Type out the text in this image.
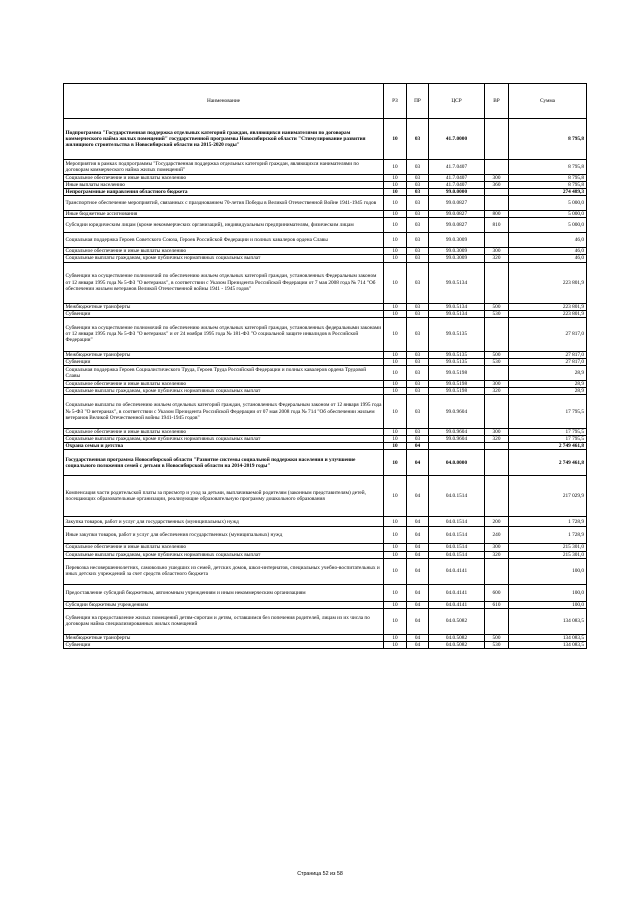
Наименование	РЗ	ПР	ЦСР	ВР	Сумма
Подпрограмма "Государственная поддержка отдельных категорий граждан, являющихся нанимателями по договорам коммерческого найма жилых помещений" государственной программы Новосибирской области "Стимулирование развития жилищного строительства в Новосибирской области на 2015-2020 годы"	10	03	41.7.0000		8 795,8
Мероприятия в рамках подпрограммы "Государственная поддержка отдельных категорий граждан, являющихся нанимателями по договорам коммерческого найма жилых помещений"	10	03	41.7.0407		8 795,8
Социальное обеспечение и иные выплаты населению	10	03	41.7.0407	300	8 795,8
Иные выплаты населению	10	03	41.7.0407	360	8 795,8
Непрограммные направления областного бюджета	10	03	99.0.0000		274 489,3
Транспортное обеспечение мероприятий, связанных с празднованием 70-летия Победы в Великой Отечественной Войне 1941-1945 годов	10	03	99.0.0827		5 000,0
Иные бюджетные ассигнования	10	03	99.0.0827	800	5 000,0
Субсидии юридическим лицам (кроме некоммерческих организаций), индивидуальным предпринимателям, физическим лицам	10	03	99.0.0827	810	5 000,0
Социальная поддержка Героев Советского Союза, Героев Российской Федерации и полных кавалеров ордена Славы	10	03	99.0.3009		46,0
Социальное обеспечение и иные выплаты населению	10	03	99.0.3009	300	46,0
Социальные выплаты гражданам, кроме публичных нормативных социальных выплат	10	03	99.0.3009	320	46,0
Субвенции на осуществление полномочий по обеспечению жильем отдельных категорий граждан, установленных Федеральным законом от 12 января 1995 года № 5-ФЗ "О ветеранах", в соответствии с Указом Президента Российской Федерации от 7 мая 2008 года № 714 "Об обеспечении жильем ветеранов Великой Отечественной войны 1941 - 1945 годов"	10	03	99.0.5134		223 801,9
Межбюджетные трансферты	10	03	99.0.5134	500	223 801,9
Субвенции	10	03	99.0.5134	530	223 801,9
Субвенции на осуществление полномочий по обеспечению жильем отдельных категорий граждан, установленных федеральными законами от 12 января 1995 года № 5-ФЗ "О ветеранах" и от 24 ноября 1995 года № 181-ФЗ "О социальной защите инвалидов в Российской Федерации"	10	03	99.0.5135		27 817,0
Межбюджетные трансферты	10	03	99.0.5135	500	27 817,0
Субвенции	10	03	99.0.5135	530	27 817,0
Социальная поддержка Героев Социалистического Труда, Героев Труда Российской Федерации и полных кавалеров ордена Трудовой Славы	10	03	99.0.5198		28,9
Социальное обеспечение и иные выплаты населению	10	03	99.0.5198	300	28,9
Социальные выплаты гражданам, кроме публичных нормативных социальных выплат	10	03	99.0.5198	320	28,9
Социальные выплаты по обеспечению жильем отдельных категорий граждан, установленных Федеральным законом от 12 января 1995 года № 5-ФЗ "О ветеранах", в соответствии с Указом Президента Российской Федерации от 07 мая 2008 года № 714 "Об обеспечении жильем ветеранов Великой Отечественной войны 1941-1945 годов"	10	03	99.0.9604		17 795,5
Социальное обеспечение и иные выплаты населению	10	03	99.0.9604	300	17 795,5
Социальные выплаты гражданам, кроме публичных нормативных социальных выплат	10	03	99.0.9604	320	17 795,5
Охрана семьи и детства	10	04			2 749 461,8
Государственная программа Новосибирской области "Развитие системы социальной поддержки населения и улучшение социального положения семей с детьми в Новосибирской области на 2014-2019 годы"	10	04	04.0.0000		2 749 461,8
Компенсация части родительской платы за присмотр и уход за детьми, выплачиваемой родителям (законным представителям) детей, посещающих образовательные организации, реализующие образовательную программу дошкольного образования	10	04	04.0.1514		217 029,9
Закупка товаров, работ и услуг для государственных (муниципальных) нужд	10	04	04.0.1514	200	1 728,9
Иные закупки товаров, работ и услуг для обеспечения государственных (муниципальных) нужд	10	04	04.0.1514	240	1 728,9
Социальное обеспечение и иные выплаты населению	10	04	04.0.1514	300	215 301,0
Социальные выплаты гражданам, кроме публичных нормативных социальных выплат	10	04	04.0.1514	320	215 301,0
Перевозка несовершеннолетних, самовольно ушедших из семей, детских домов, школ-интернатов, специальных учебно-воспитательных и иных детских учреждений за счет средств областного бюджета	10	04	04.0.4141		100,0
Предоставление субсидий бюджетным, автономным учреждениям и иным некоммерческим организациям	10	04	04.0.4141	600	100,0
Субсидии бюджетным учреждениям	10	04	04.0.4141	610	100,0
Субвенции на предоставление жилых помещений детям-сиротам и детям, оставшимся без попечения родителей, лицам из их числа по договорам найма специализированных жилых помещений	10	04	04.0.5082		134 083,5
Межбюджетные трансферты	10	04	04.0.5082	500	134 083,5
Субвенции	10	04	04.0.5082	530	134 083,5
Страница 52 из 58
